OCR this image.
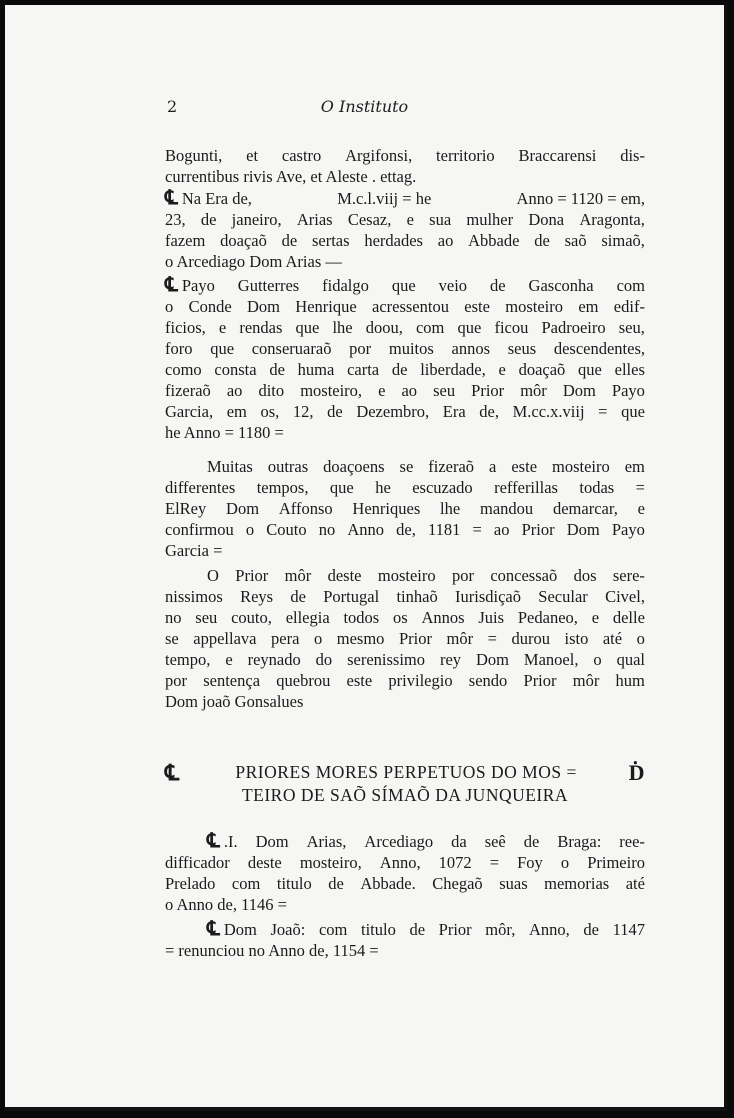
2	O Instituto
Bogunti, et castro Argifonsi, territorio Braccarensi dis-
currentibus rivis Ave, et Aleste . ettag.
℄ Na Era de,	M.c.l.viij = he	Anno = 1120 = em,
23, de janeiro, Arias Cesaz, e sua mulher Dona Aragonta,
fazem doaçaõ de sertas herdades ao Abbade de saõ simaõ,
o Arcediago Dom Arias —
℄ Payo Gutterres fidalgo que veio de Gasconha com
o Conde Dom Henrique acressentou este mosteiro em edif-
ficios, e rendas que lhe doou, com que ficou Padroeiro seu,
foro que conseruaraõ por muitos annos seus descendentes,
como consta de huma carta de liberdade, e doaçaõ que elles
fizeraõ ao dito mosteiro, e ao seu Prior môr Dom Payo
Garcia, em os, 12, de Dezembro, Era de, M.cc.x.viij = que
he Anno = 1180 =
Muitas outras doaçoens se fizeraõ a este mosteiro em
differentes tempos, que he escuzado refferillas todas =
ElRey Dom Affonso Henriques lhe mandou demarcar, e
confirmou o Couto no Anno de, 1181 = ao Prior Dom Payo
Garcia =
O Prior môr deste mosteiro por concessaõ dos sere-
nissimos Reys de Portugal tinhaõ Iurisdiçaõ Secular Civel,
no seu couto, ellegia todos os Annos Juis Pedaneo, e delle
se appellava pera o mesmo Prior môr = durou isto até o
tempo, e reynado do serenissimo rey Dom Manoel, o qual
por sentença quebrou este privilegio sendo Prior môr hum
Dom joaõ Gonsalues
℄	PRIORES MORES PERPETUOS DO MOS = Ḋ
TEIRO DE SAÕ SÍMAÕ DA JUNQUEIRA
℄ .I. Dom Arias, Arcediago da seê de Braga: ree-
difficador deste mosteiro, Anno, 1072 = Foy o Primeiro
Prelado com titulo de Abbade. Chegaõ suas memorias até
o Anno de, 1146 =
℄ Dom Joaõ: com titulo de Prior môr, Anno, de 1147
= renunciou no Anno de, 1154 =
